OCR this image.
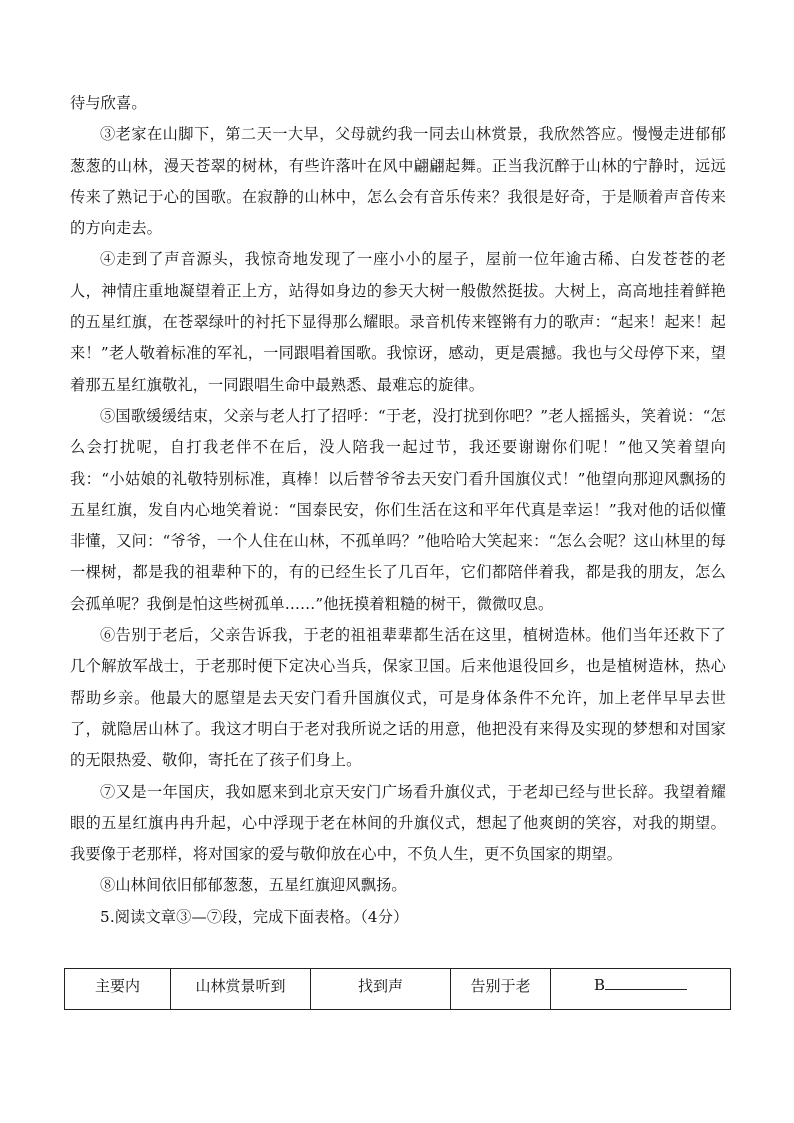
待与欣喜。

③老家在山脚下，第二天一大早，父母就约我一同去山林赏景，我欣然答应。慢慢走进郁郁葱葱的山林，漫天苍翠的树林，有些许落叶在风中翩翩起舞。正当我沉醉于山林的宁静时，远远传来了熟记于心的国歌。在寂静的山林中，怎么会有音乐传来？我很是好奇，于是顺着声音传来的方向走去。

④走到了声音源头，我惊奇地发现了一座小小的屋子，屋前一位年逾古稀、白发苍苍的老人，神情庄重地凝望着正上方，站得如身边的参天大树一般傲然挺拔。大树上，高高地挂着鲜艳的五星红旗，在苍翠绿叶的衬托下显得那么耀眼。录音机传来铿锵有力的歌声：“起来！起来！起来！”老人敬着标准的军礼，一同跟唱着国歌。我惊讶，感动，更是震撼。我也与父母停下来，望着那五星红旗敬礼，一同跟唱生命中最熟悉、最难忘的旋律。

⑤国歌缓缓结束，父亲与老人打了招呼：“于老，没打扰到你吧？”老人摇摇头，笑着说：“怎么会打扰呢，自打我老伴不在后，没人陪我一起过节，我还要谢谢你们呢！”他又笑着望向我：“小姑娘的礼敬特别标准，真棒！以后替爷爷去天安门看升国旗仪式！”他望向那迎风飘扬的五星红旗，发自内心地笑着说：“国泰民安，你们生活在这和平年代真是幸运！”我对他的话似懂非懂，又问：“爷爷，一个人住在山林，不孤单吗？”他哈哈大笑起来：“怎么会呢？这山林里的每一棵树，都是我的祖辈种下的，有的已经生长了几百年，它们都陪伴着我，都是我的朋友，怎么会孤单呢？我倒是怕这些树孤单……”他抚摸着粗糙的树干，微微叹息。

⑥告别于老后，父亲告诉我，于老的祖祖辈辈都生活在这里，植树造林。他们当年还救下了几个解放军战士，于老那时便下定决心当兵，保家卫国。后来他退役回乡，也是植树造林，热心帮助乡亲。他最大的愿望是去天安门看升国旗仪式，可是身体条件不允许，加上老伴早早去世了，就隐居山林了。我这才明白于老对我所说之话的用意，他把没有来得及实现的梦想和对国家的无限热爱、敬仰，寄托在了孩子们身上。

⑦又是一年国庆，我如愿来到北京天安门广场看升旗仪式，于老却已经与世长辞。我望着耀眼的五星红旗冉冉升起，心中浮现于老在林间的升旗仪式，想起了他爽朗的笑容，对我的期望。我要像于老那样，将对国家的爱与敬仰放在心中，不负人生，更不负国家的期望。

⑧山林间依旧郁郁葱葱，五星红旗迎风飘扬。

5.阅读文章③—⑦段，完成下面表格。（4分）

主要内	山林赏景听到	找到声	告别于老	B
